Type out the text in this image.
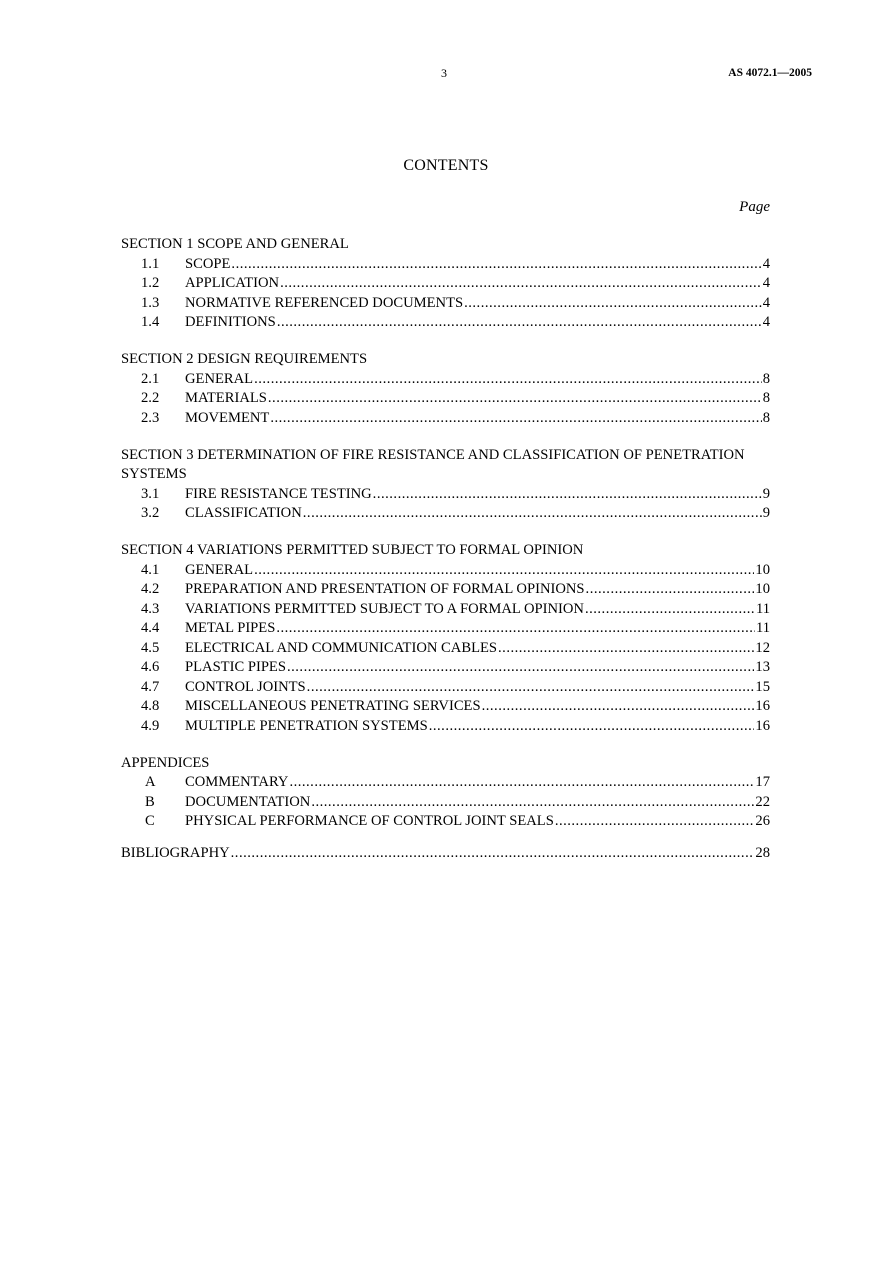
3	AS 4072.1—2005
CONTENTS
Page
SECTION 1 SCOPE AND GENERAL
1.1	SCOPE .....	4
1.2	APPLICATION .....	4
1.3	NORMATIVE REFERENCED DOCUMENTS .....	4
1.4	DEFINITIONS .....	4
SECTION 2 DESIGN REQUIREMENTS
2.1	GENERAL .....	8
2.2	MATERIALS .....	8
2.3	MOVEMENT .....	8
SECTION 3 DETERMINATION OF FIRE RESISTANCE AND CLASSIFICATION OF PENETRATION SYSTEMS
3.1	FIRE RESISTANCE TESTING .....	9
3.2	CLASSIFICATION .....	9
SECTION 4 VARIATIONS PERMITTED SUBJECT TO FORMAL OPINION
4.1	GENERAL .....	10
4.2	PREPARATION AND PRESENTATION OF FORMAL OPINIONS .....	10
4.3	VARIATIONS PERMITTED SUBJECT TO A FORMAL OPINION .....	11
4.4	METAL PIPES .....	11
4.5	ELECTRICAL AND COMMUNICATION CABLES .....	12
4.6	PLASTIC PIPES .....	13
4.7	CONTROL JOINTS .....	15
4.8	MISCELLANEOUS PENETRATING SERVICES .....	16
4.9	MULTIPLE PENETRATION SYSTEMS .....	16
APPENDICES
A	COMMENTARY .....	17
B	DOCUMENTATION .....	22
C	PHYSICAL PERFORMANCE OF CONTROL JOINT SEALS .....	26
BIBLIOGRAPHY .....	28
